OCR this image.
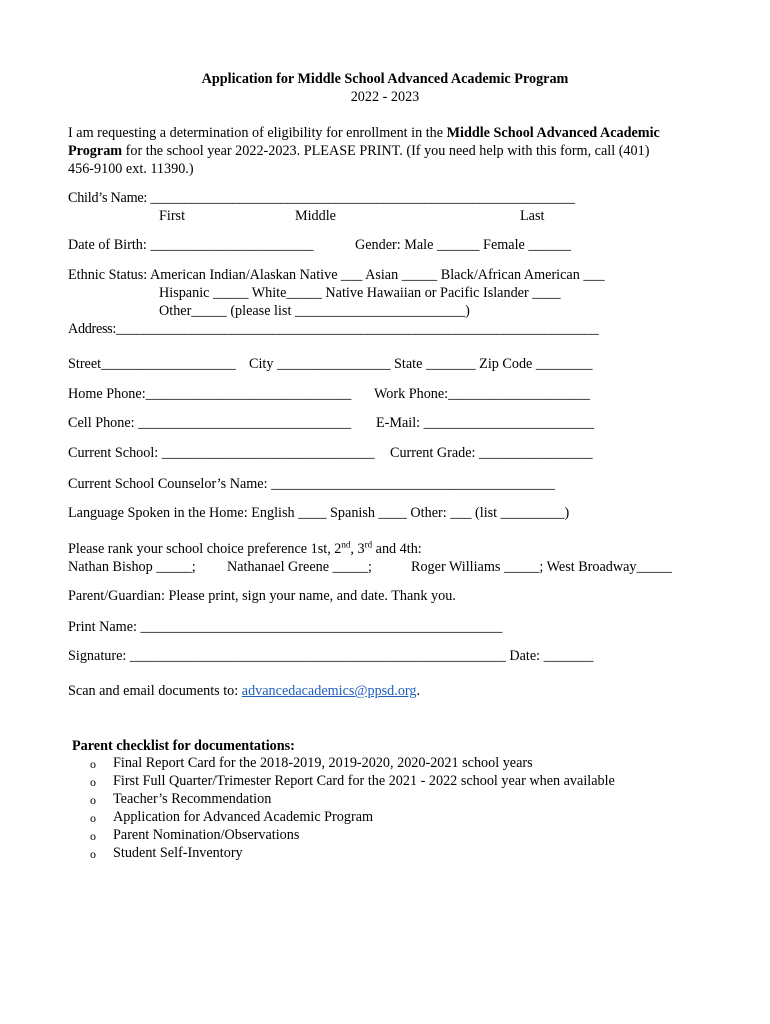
Application for Middle School Advanced Academic Program
2022 - 2023
I am requesting a determination of eligibility for enrollment in the Middle School Advanced Academic
Program for the school year 2022-2023. PLEASE PRINT. (If you need help with this form, call (401)
456-9100 ext. 11390.)
Child’s Name: ______________________________________________________________
First	Middle	Last
Date of Birth: _______________________	Gender: Male ______ Female ______
Ethnic Status: American Indian/Alaskan Native ___ Asian _____ Black/African American ___
Hispanic _____ White_____ Native Hawaiian or Pacific Islander ____
Other_____ (please list ________________________)
Address:_______________________________________________________________________
Street___________________ City ________________ State _______ Zip Code ________
Home Phone:_____________________________ Work Phone:____________________
Cell Phone: ______________________________ E-Mail: ________________________
Current School: ______________________________ Current Grade: ________________
Current School Counselor’s Name: ________________________________________
Language Spoken in the Home: English ____ Spanish ____ Other: ___ (list _________)
Please rank your school choice preference 1st, 2nd, 3rd and 4th:
Nathan Bishop _____; Nathanael Greene _____;	Roger Williams _____; West Broadway_____
Parent/Guardian: Please print, sign your name, and date. Thank you.
Print Name: ___________________________________________________
Signature: _____________________________________________________ Date: _______
Scan and email documents to: advancedacademics@ppsd.org.
Parent checklist for documentations:
o Final Report Card for the 2018-2019, 2019-2020, 2020-2021 school years
o First Full Quarter/Trimester Report Card for the 2021 - 2022 school year when available
o Teacher’s Recommendation
o Application for Advanced Academic Program
o Parent Nomination/Observations
o Student Self-Inventory
